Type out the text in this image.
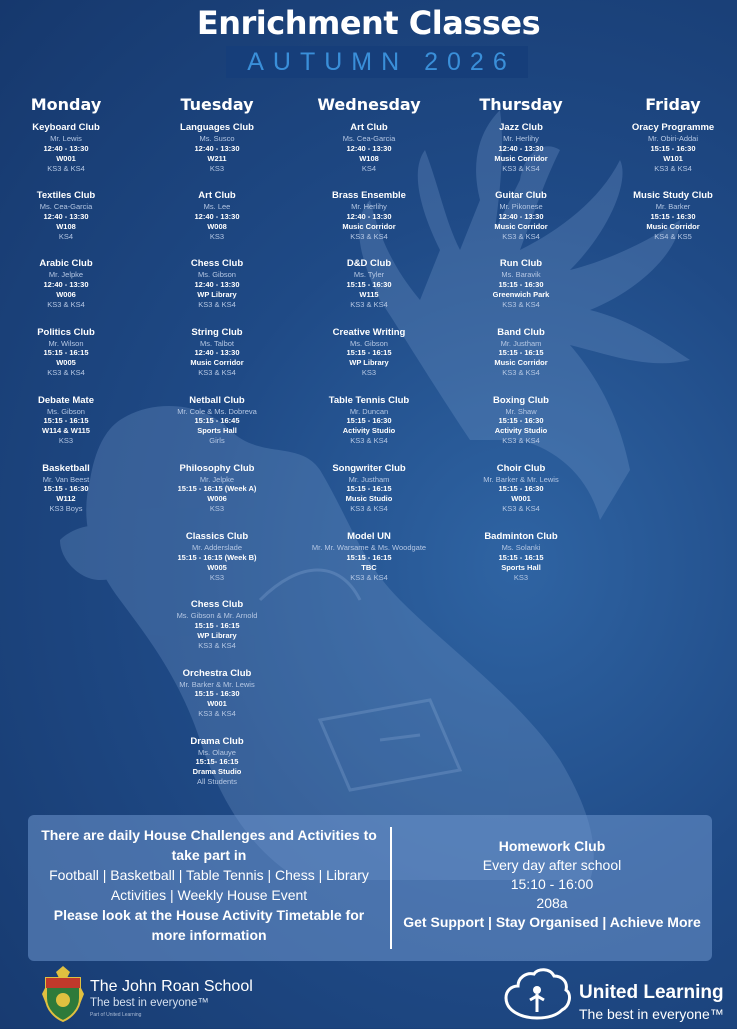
Enrichment Classes
AUTUMN 2026
Monday
Keyboard Club
Mr. Lewis
12:40 - 13:30
W001
KS3 & KS4
Textiles Club
Ms. Cea-Garcia
12:40 - 13:30
W108
KS4
Arabic Club
Mr. Jelpke
12:40 - 13:30
W006
KS3 & KS4
Politics Club
Mr. Wilson
15:15 - 16:15
W005
KS3 & KS4
Debate Mate
Ms. Gibson
15:15 - 16:15
W114 & W115
KS3
Basketball
Mr. Van Beest
15:15 - 16:30
W112
KS3 Boys
Tuesday
Languages Club
Ms. Susco
12:40 - 13:30
W211
KS3
Art Club
Ms. Lee
12:40 - 13:30
W008
KS3
Chess Club
Ms. Gibson
12:40 - 13:30
WP Library
KS3 & KS4
String Club
Ms. Talbot
12:40 - 13:30
Music Corridor
KS3 & KS4
Netball Club
Mr. Cole & Ms. Dobreva
15:15 - 16:45
Sports Hall
Girls
Philosophy Club
Mr. Jelpke
15:15 - 16:15 (Week A)
W006
KS3
Classics Club
Mr. Adderslade
15:15 - 16:15 (Week B)
W005
KS3
Chess Club
Ms. Gibson & Mr. Arnold
15:15 - 16:15
WP Library
KS3 & KS4
Orchestra Club
Mr. Barker & Mr. Lewis
15:15 - 16:30
W001
KS3 & KS4
Drama Club
Ms. Olauye
15:15- 16:15
Drama Studio
All Students
Wednesday
Art Club
Ms. Cea-Garcia
12:40 - 13:30
W108
KS4
Brass Ensemble
Mr. Herlihy
12:40 - 13:30
Music Corridor
KS3 & KS4
D&D Club
Ms. Tyler
15:15 - 16:30
W115
KS3 & KS4
Creative Writing
Ms. Gibson
15:15 - 16:15
WP Library
KS3
Table Tennis Club
Mr. Duncan
15:15 - 16:30
Activity Studio
KS3 & KS4
Songwriter Club
Mr. Justham
15:15 - 16:15
Music Studio
KS3 & KS4
Model UN
Mr. Mr. Warsame & Ms. Woodgate
15:15 - 16:15
TBC
KS3 & KS4
Thursday
Jazz Club
Mr. Herlihy
12:40 - 13:30
Music Corridor
KS3 & KS4
Guitar Club
Mr. Pikonese
12:40 - 13:30
Music Corridor
KS3 & KS4
Run Club
Ms. Baravik
15:15 - 16:30
Greenwich Park
KS3 & KS4
Band Club
Mr. Justham
15:15 - 16:15
Music Corridor
KS3 & KS4
Boxing Club
Mr. Shaw
15:15 - 16:30
Activity Studio
KS3 & KS4
Choir Club
Mr. Barker & Mr. Lewis
15:15 - 16:30
W001
KS3 & KS4
Badminton Club
Ms. Solanki
15:15 - 16:15
Sports Hall
KS3
Friday
Oracy Programme
Mr. Obiri-Addai
15:15 - 16:30
W101
KS3 & KS4
Music Study Club
Mr. Barker
15:15 - 16:30
Music Corridor
KS4 & KS5
There are daily House Challenges and Activities to take part in
Football | Basketball | Table Tennis | Chess | Library Activities | Weekly House Event
Please look at the House Activity Timetable for more information
Homework Club
Every day after school
15:10 - 16:00
208a
Get Support | Stay Organised | Achieve More
The John Roan School
The best in everyone™
Part of United Learning
United Learning
The best in everyone™
